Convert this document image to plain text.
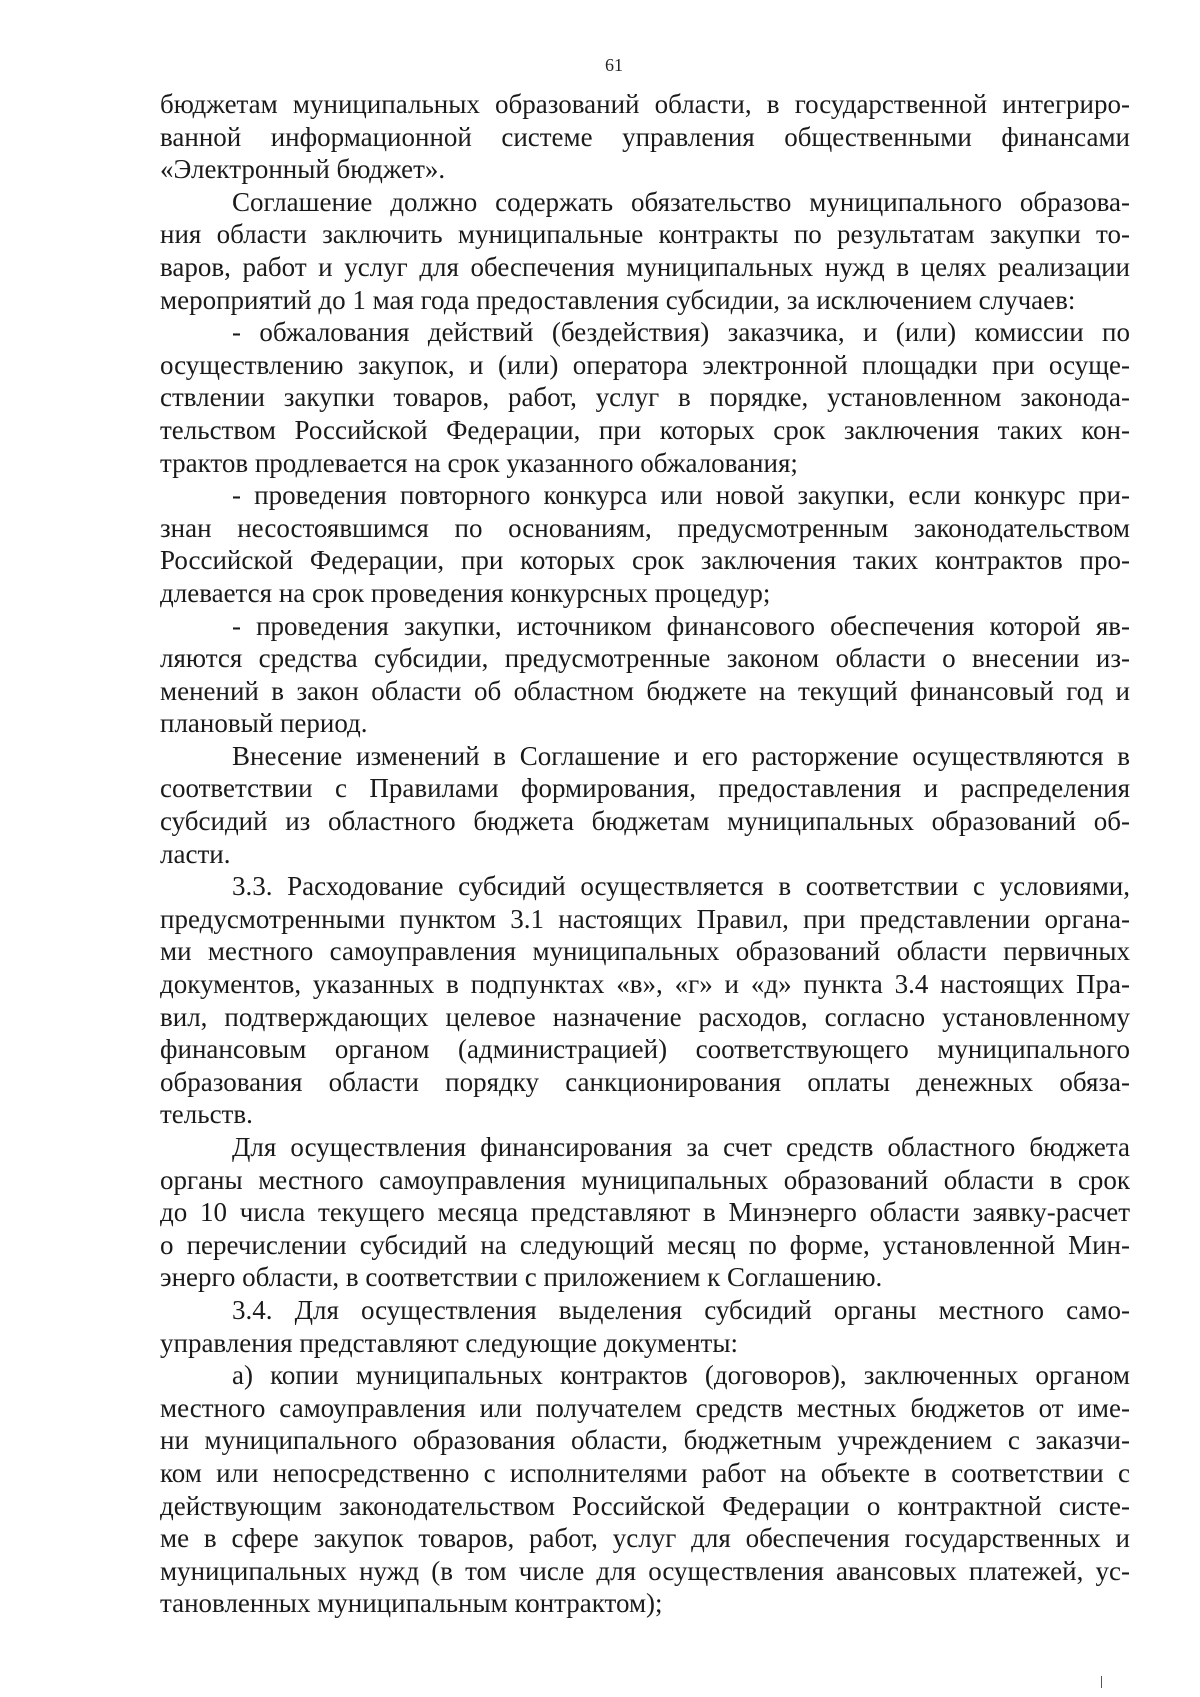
61
бюджетам муниципальных образований области, в государственной интегриро-
ванной информационной системе управления общественными финансами
«Электронный бюджет».
Соглашение должно содержать обязательство муниципального образова-
ния области заключить муниципальные контракты по результатам закупки то-
варов, работ и услуг для обеспечения муниципальных нужд в целях реализации
мероприятий до 1 мая года предоставления субсидии, за исключением случаев:
- обжалования действий (бездействия) заказчика, и (или) комиссии по
осуществлению закупок, и (или) оператора электронной площадки при осуще-
ствлении закупки товаров, работ, услуг в порядке, установленном законода-
тельством Российской Федерации, при которых срок заключения таких кон-
трактов продлевается на срок указанного обжалования;
- проведения повторного конкурса или новой закупки, если конкурс при-
знан несостоявшимся по основаниям, предусмотренным законодательством
Российской Федерации, при которых срок заключения таких контрактов про-
длевается на срок проведения конкурсных процедур;
- проведения закупки, источником финансового обеспечения которой яв-
ляются средства субсидии, предусмотренные законом области о внесении из-
менений в закон области об областном бюджете на текущий финансовый год и
плановый период.
Внесение изменений в Соглашение и его расторжение осуществляются в
соответствии с Правилами формирования, предоставления и распределения
субсидий из областного бюджета бюджетам муниципальных образований об-
ласти.
3.3. Расходование субсидий осуществляется в соответствии с условиями,
предусмотренными пунктом 3.1 настоящих Правил, при представлении органа-
ми местного самоуправления муниципальных образований области первичных
документов, указанных в подпунктах «в», «г» и «д» пункта 3.4 настоящих Пра-
вил, подтверждающих целевое назначение расходов, согласно установленному
финансовым органом (администрацией) соответствующего муниципального
образования области порядку санкционирования оплаты денежных обяза-
тельств.
Для осуществления финансирования за счет средств областного бюджета
органы местного самоуправления муниципальных образований области в срок
до 10 числа текущего месяца представляют в Минэнерго области заявку-расчет
о перечислении субсидий на следующий месяц по форме, установленной Мин-
энерго области, в соответствии с приложением к Соглашению.
3.4. Для осуществления выделения субсидий органы местного само-
управления представляют следующие документы:
а) копии муниципальных контрактов (договоров), заключенных органом
местного самоуправления или получателем средств местных бюджетов от име-
ни муниципального образования области, бюджетным учреждением с заказчи-
ком или непосредственно с исполнителями работ на объекте в соответствии с
действующим законодательством Российской Федерации о контрактной систе-
ме в сфере закупок товаров, работ, услуг для обеспечения государственных и
муниципальных нужд (в том числе для осуществления авансовых платежей, ус-
тановленных муниципальным контрактом);
